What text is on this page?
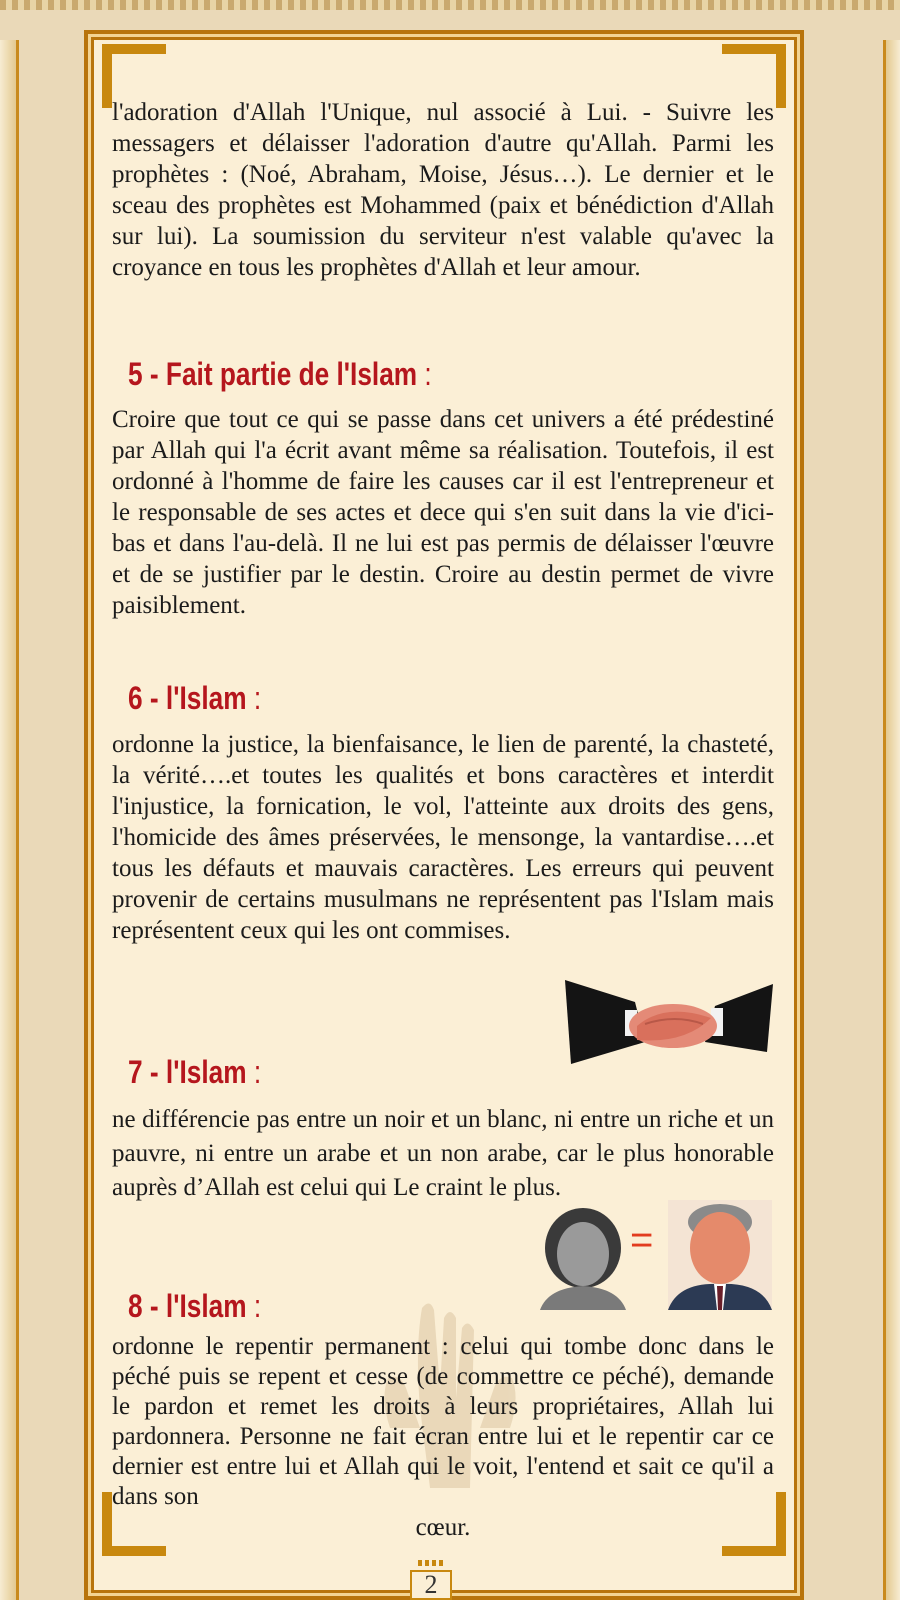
l'adoration d'Allah l'Unique, nul associé à Lui. - Suivre les messagers et délaisser l'adoration d'autre qu'Allah. Parmi les prophètes : (Noé, Abraham, Moise, Jésus…). Le dernier et le sceau des prophètes est Mohammed (paix et bénédiction d'Allah sur lui). La soumission du serviteur n'est valable qu'avec la croyance en tous les prophètes d'Allah et leur amour.

5 - Fait partie de l'Islam :

Croire que tout ce qui se passe dans cet univers a été prédestiné par Allah qui l'a écrit avant même sa réalisation. Toutefois, il est ordonné à l'homme de faire les causes car il est l'entrepreneur et le responsable de ses actes et dece qui s'en suit dans la vie d'ici-bas et dans l'au-delà. Il ne lui est pas permis de délaisser l'œuvre et de se justifier par le destin. Croire au destin permet de vivre paisiblement.

6 - l'Islam :

ordonne la justice, la bienfaisance, le lien de parenté, la chasteté, la vérité….et toutes les qualités et bons caractères et interdit l'injustice, la fornication, le vol, l'atteinte aux droits des gens, l'homicide des âmes préservées, le mensonge, la vantardise….et tous les défauts et mauvais caractères. Les erreurs qui peuvent provenir de certains musulmans ne représentent pas l'Islam mais représentent ceux qui les ont commises.

7 - l'Islam :

ne différencie pas entre un noir et un blanc, ni entre un riche et un pauvre, ni entre un arabe et un non arabe, car le plus honorable auprès d’Allah est celui qui Le craint le plus.

=
8 - l'Islam :

ordonne le repentir permanent : celui qui tombe donc dans le péché puis se repent et cesse (de commettre ce péché), demande le pardon et remet les droits à leurs propriétaires, Allah lui pardonnera. Personne ne fait écran entre lui et le repentir car ce dernier est entre lui et Allah qui le voit, l'entend et sait ce qu'il a dans son

cœur.

2
